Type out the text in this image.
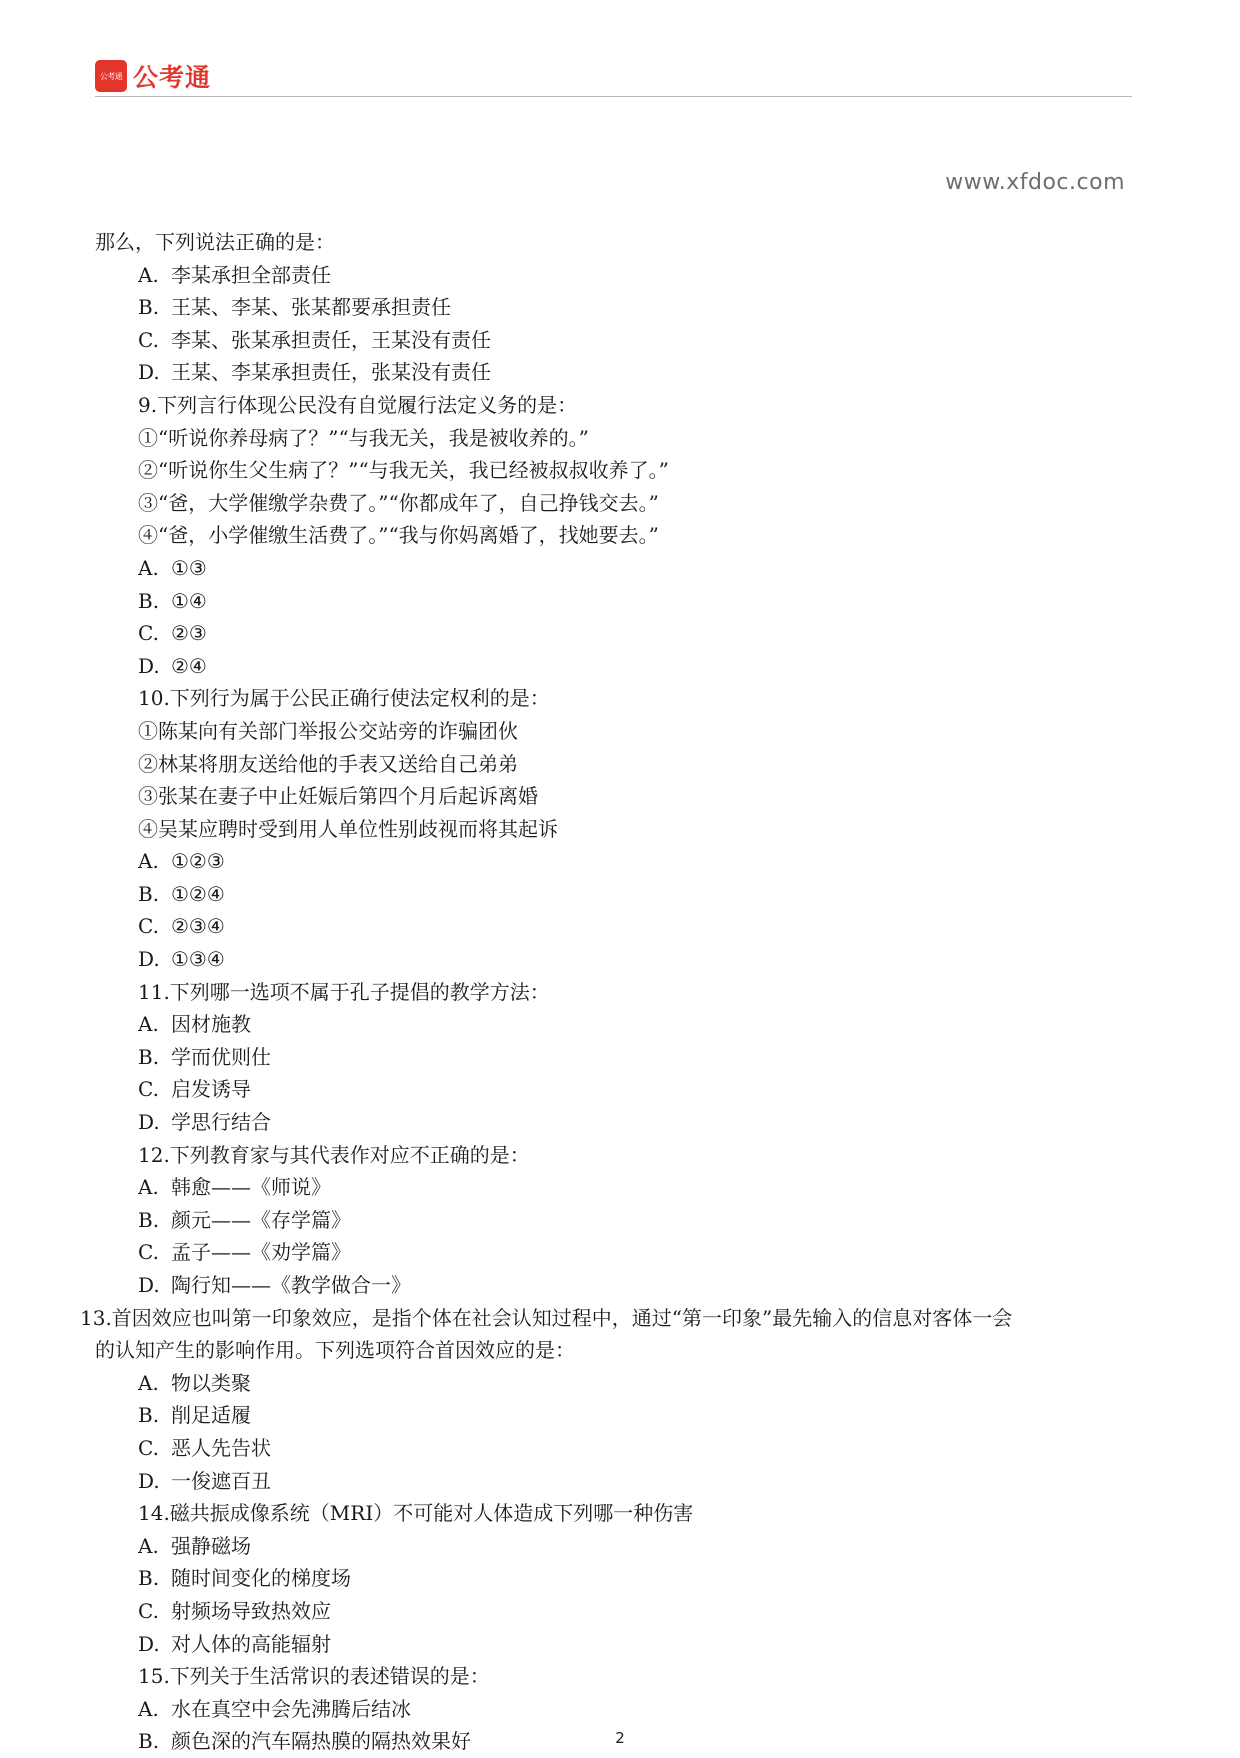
公考通 公考通
www.xfdoc.com
那么，下列说法正确的是：
A. 李某承担全部责任
B. 王某、李某、张某都要承担责任
C. 李某、张某承担责任，王某没有责任
D. 王某、李某承担责任，张某没有责任
9.下列言行体现公民没有自觉履行法定义务的是：
①“听说你养母病了？”“与我无关，我是被收养的。”
②“听说你生父生病了？”“与我无关，我已经被叔叔收养了。”
③“爸，大学催缴学杂费了。”“你都成年了，自己挣钱交去。”
④“爸，小学催缴生活费了。”“我与你妈离婚了，找她要去。”
A. ①③
B. ①④
C. ②③
D. ②④
10.下列行为属于公民正确行使法定权利的是：
①陈某向有关部门举报公交站旁的诈骗团伙
②林某将朋友送给他的手表又送给自己弟弟
③张某在妻子中止妊娠后第四个月后起诉离婚
④吴某应聘时受到用人单位性别歧视而将其起诉
A. ①②③
B. ①②④
C. ②③④
D. ①③④
11.下列哪一选项不属于孔子提倡的教学方法：
A. 因材施教
B. 学而优则仕
C. 启发诱导
D. 学思行结合
12.下列教育家与其代表作对应不正确的是：
A. 韩愈——《师说》
B. 颜元——《存学篇》
C. 孟子——《劝学篇》
D. 陶行知——《教学做合一》
13.首因效应也叫第一印象效应，是指个体在社会认知过程中，通过“第一印象”最先输入的信息对客体一会
的认知产生的影响作用。下列选项符合首因效应的是：
A. 物以类聚
B. 削足适履
C. 恶人先告状
D. 一俊遮百丑
14.磁共振成像系统（MRI）不可能对人体造成下列哪一种伤害
A. 强静磁场
B. 随时间变化的梯度场
C. 射频场导致热效应
D. 对人体的高能辐射
15.下列关于生活常识的表述错误的是：
A. 水在真空中会先沸腾后结冰
B. 颜色深的汽车隔热膜的隔热效果好	2
